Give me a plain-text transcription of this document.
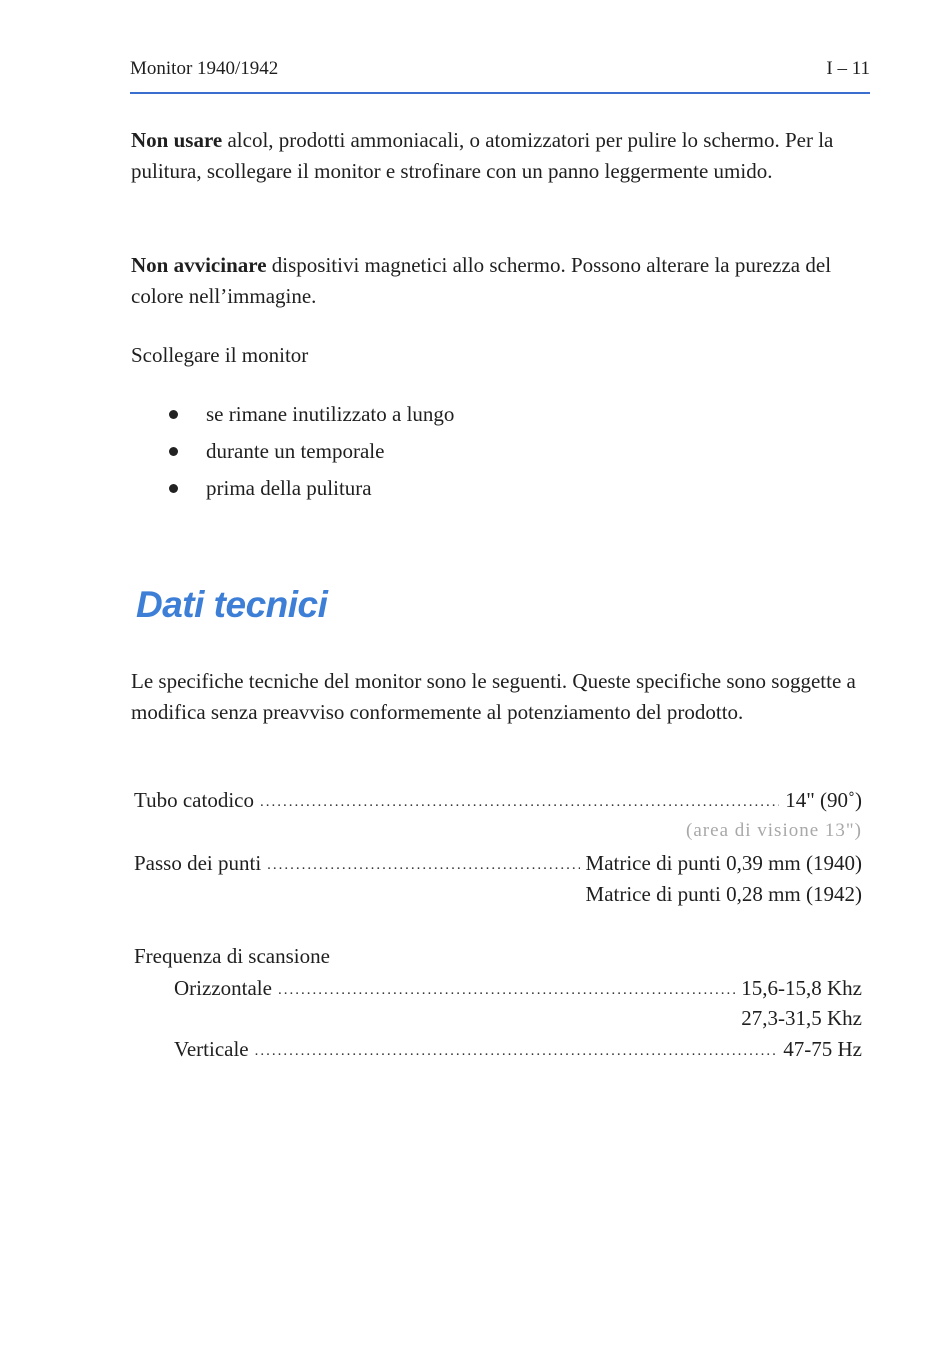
Monitor 1940/1942	I – 11

Non usare alcol, prodotti ammoniacali, o atomizzatori per pulire lo schermo. Per la pulitura, scollegare il monitor e strofinare con un panno leggermente umido.

Non avvicinare dispositivi magnetici allo schermo. Possono alterare la purezza del colore nell’immagine.

Scollegare il monitor

se rimane inutilizzato a lungo
durante un temporale
prima della pulitura
Dati tecnici

Le specifiche tecniche del monitor sono le seguenti. Queste specifiche sono soggette a modifica senza preavviso conformemente al potenziamento del prodotto.

Tubo catodico .....	14" (90˚)
(area di visione 13")
Passo dei punti .....	Matrice di punti 0,39 mm (1940)
Matrice di punti 0,28 mm (1942)

Frequenza di scansione

Orizzontale .....	15,6-15,8 Khz
27,3-31,5 Khz
Verticale .....	47-75 Hz
